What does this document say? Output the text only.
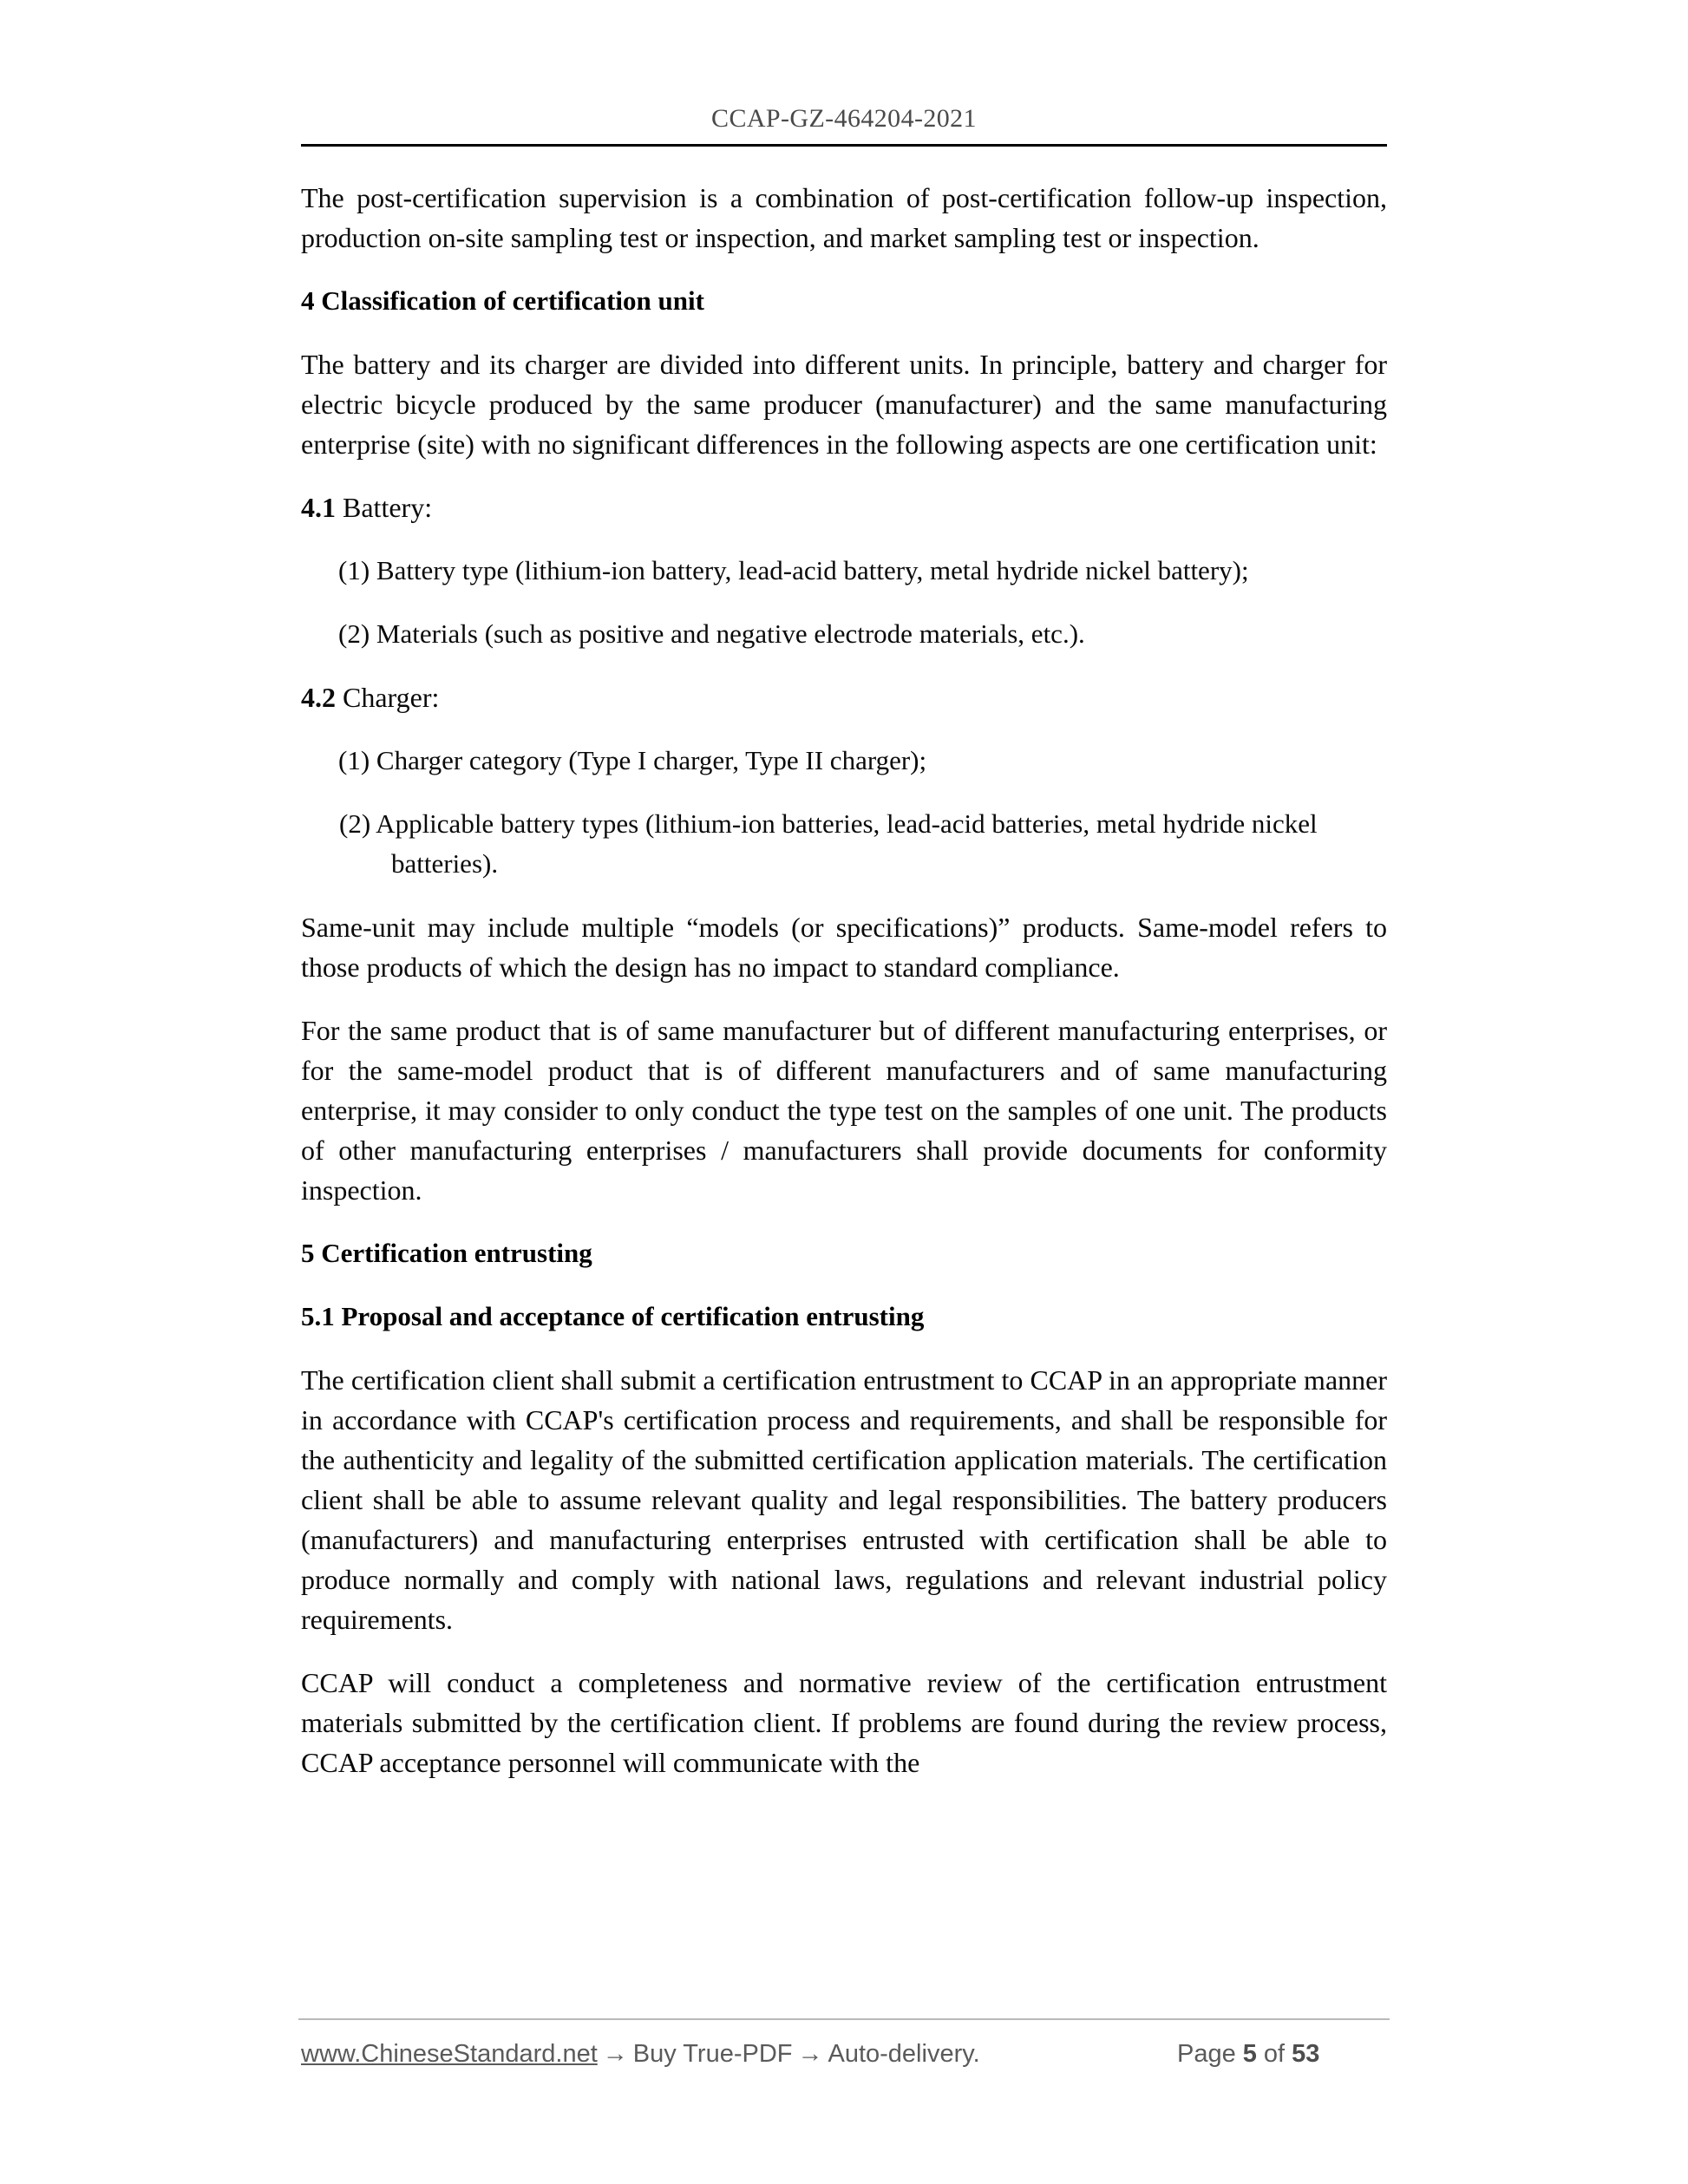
CCAP-GZ-464204-2021

The post-certification supervision is a combination of post-certification follow-up inspection, production on-site sampling test or inspection, and market sampling test or inspection.

4 Classification of certification unit

The battery and its charger are divided into different units. In principle, battery and charger for electric bicycle produced by the same producer (manufacturer) and the same manufacturing enterprise (site) with no significant differences in the following aspects are one certification unit:

4.1 Battery:

(1) Battery type (lithium-ion battery, lead-acid battery, metal hydride nickel battery);

(2) Materials (such as positive and negative electrode materials, etc.).

4.2 Charger:

(1) Charger category (Type I charger, Type II charger);

(2) Applicable battery types (lithium-ion batteries, lead-acid batteries, metal hydride nickel batteries).

Same-unit may include multiple “models (or specifications)” products. Same-model refers to those products of which the design has no impact to standard compliance.

For the same product that is of same manufacturer but of different manufacturing enterprises, or for the same-model product that is of different manufacturers and of same manufacturing enterprise, it may consider to only conduct the type test on the samples of one unit. The products of other manufacturing enterprises / manufacturers shall provide documents for conformity inspection.

5 Certification entrusting
5.1 Proposal and acceptance of certification entrusting

The certification client shall submit a certification entrustment to CCAP in an appropriate manner in accordance with CCAP's certification process and requirements, and shall be responsible for the authenticity and legality of the submitted certification application materials. The certification client shall be able to assume relevant quality and legal responsibilities. The battery producers (manufacturers) and manufacturing enterprises entrusted with certification shall be able to produce normally and comply with national laws, regulations and relevant industrial policy requirements.

CCAP will conduct a completeness and normative review of the certification entrustment materials submitted by the certification client. If problems are found during the review process, CCAP acceptance personnel will communicate with the

www.ChineseStandard.net → Buy True-PDF → Auto-delivery.	Page 5 of 53
